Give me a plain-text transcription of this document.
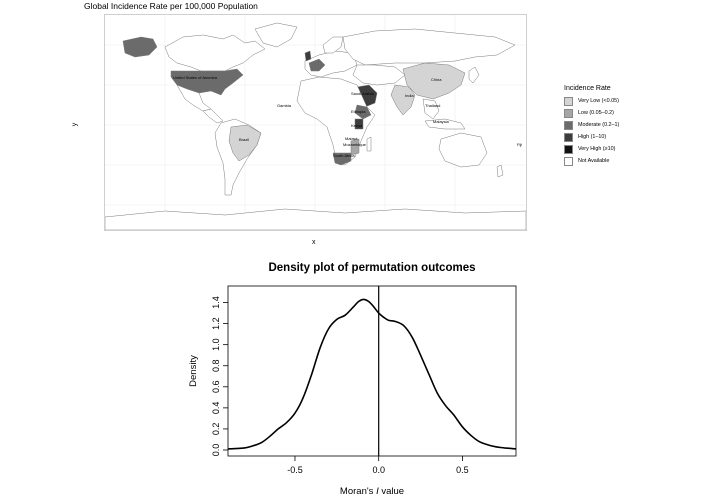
Global Incidence Rate per 100,000 Population
United States of America	China
India
Saudi Arabia
Thailand
Malaysia
Gambia
Brazil
Ethiopia
Kenya
Malawi
Mozambique
South Africa
Fiji
x
y
Incidence Rate
Very Low (<0.05)
Low (0.05–0.2)
Moderate (0.2–1)
High (1–10)
Very High (≥10)
Not Available
Density plot of permutation outcomes
-0.5	0.0	0.5
0.0
0.2
0.4
0.6
0.8
1.0
1.2
1.4
Moran's I value
Density
